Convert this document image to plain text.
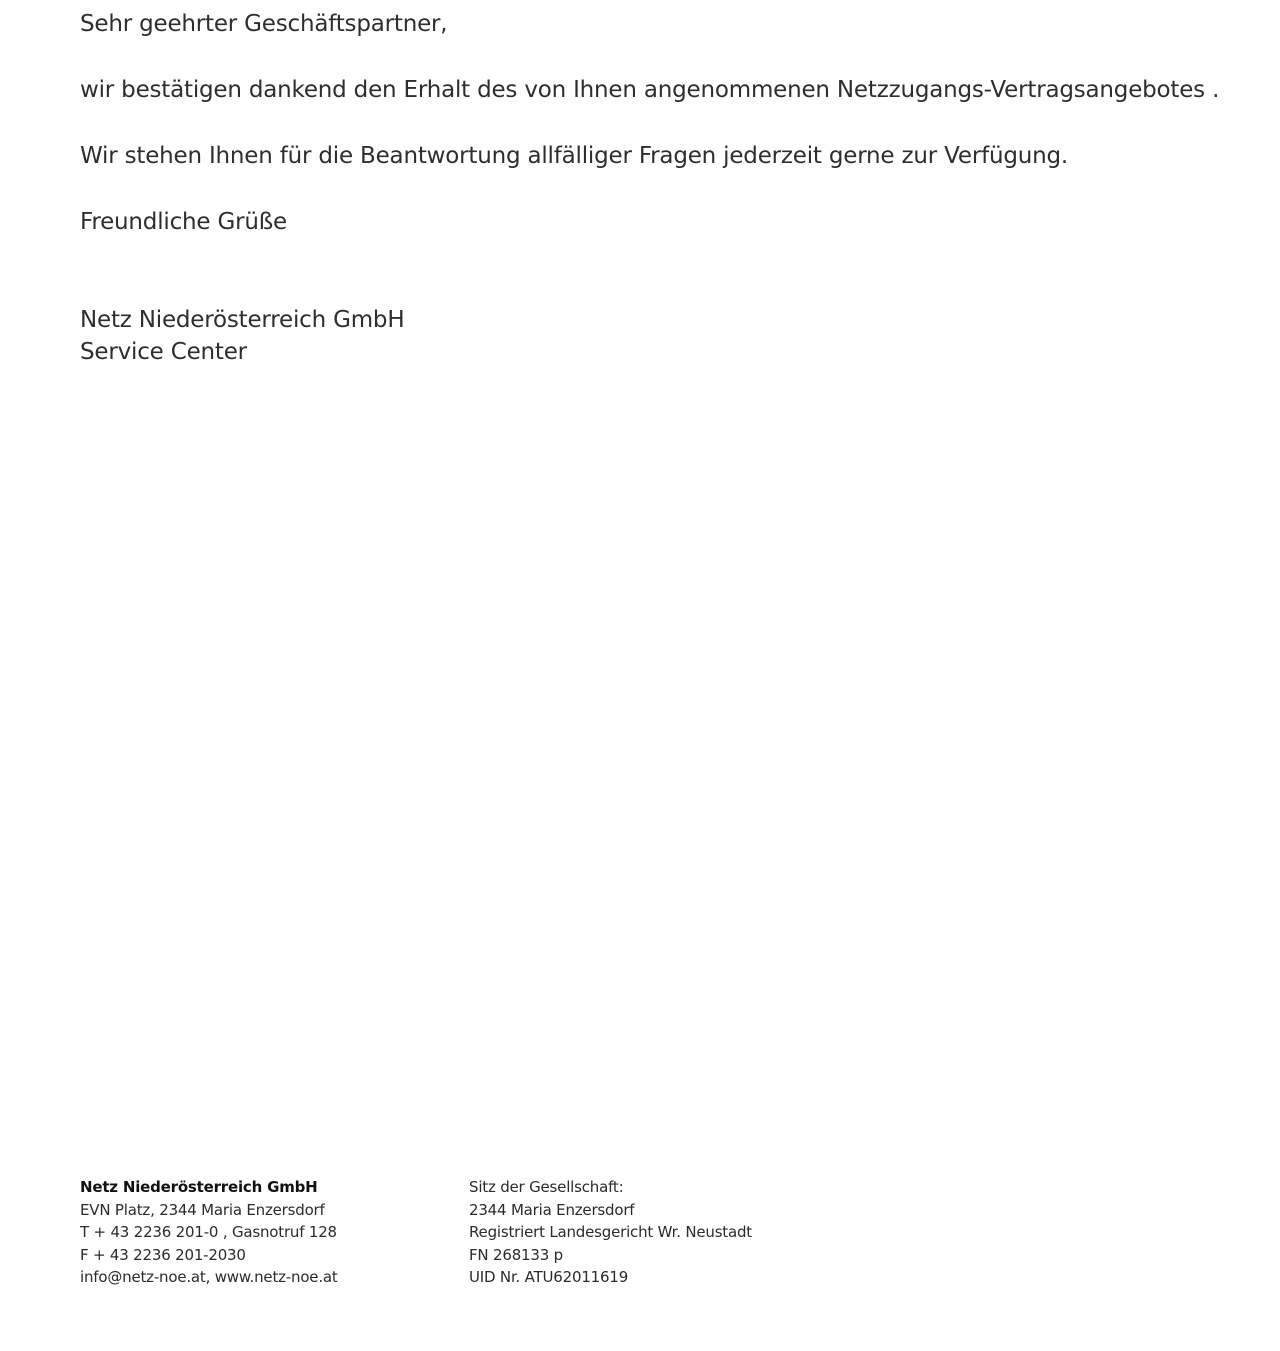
Sehr geehrter Geschäftspartner,
wir bestätigen dankend den Erhalt des von Ihnen angenommenen Netzzugangs-Vertragsangebotes .
Wir stehen Ihnen für die Beantwortung allfälliger Fragen jederzeit gerne zur Verfügung.
Freundliche Grüße
Netz Niederösterreich GmbH
Service Center
Netz Niederösterreich GmbH
EVN Platz, 2344 Maria Enzersdorf
T + 43 2236 201-0 , Gasnotruf 128
F + 43 2236 201-2030
info@netz-noe.at, www.netz-noe.at
Sitz der Gesellschaft:
2344 Maria Enzersdorf
Registriert Landesgericht Wr. Neustadt
FN 268133 p
UID Nr. ATU62011619
